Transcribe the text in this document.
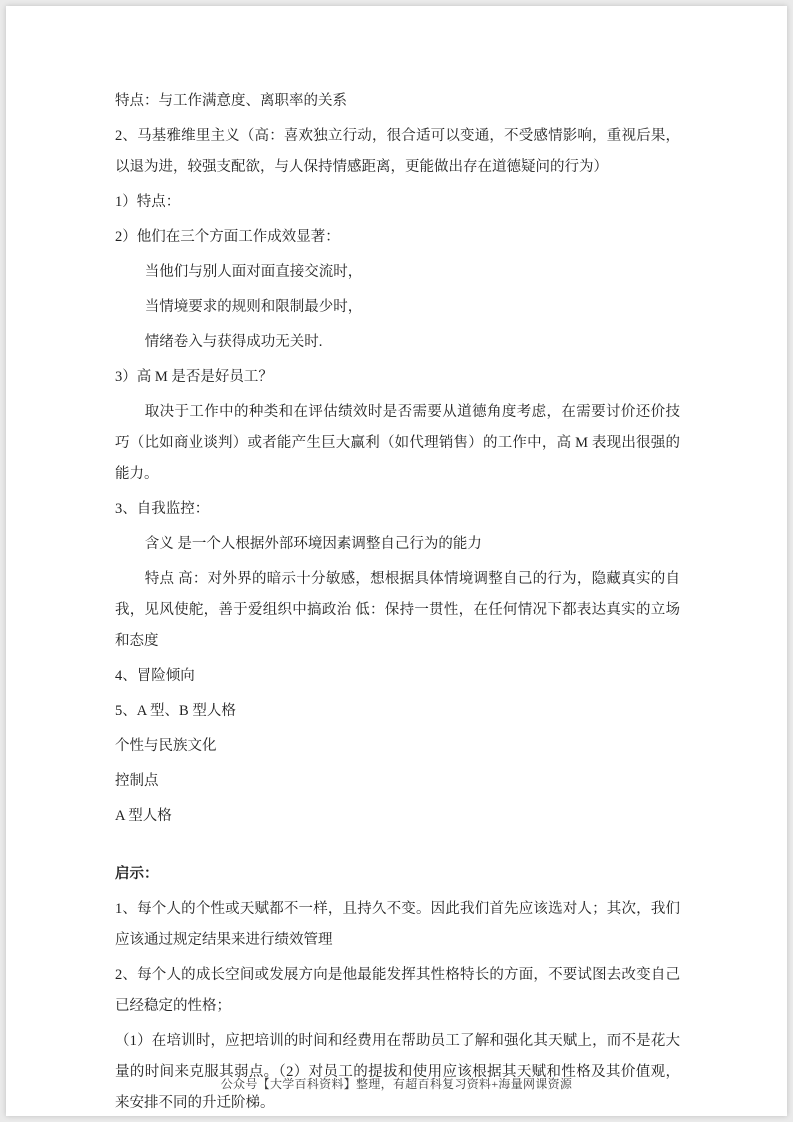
特点：与工作满意度、离职率的关系

2、马基雅维里主义（高：喜欢独立行动，很合适可以变通，不受感情影响，重视后果，以退为进，较强支配欲，与人保持情感距离，更能做出存在道德疑问的行为）

1）特点：

2）他们在三个方面工作成效显著：

当他们与别人面对面直接交流时，

当情境要求的规则和限制最少时，

情绪卷入与获得成功无关时.

3）高 M 是否是好员工？

取决于工作中的种类和在评估绩效时是否需要从道德角度考虑，在需要讨价还价技巧（比如商业谈判）或者能产生巨大赢利（如代理销售）的工作中，高 M 表现出很强的能力。

3、自我监控：

含义 是一个人根据外部环境因素调整自己行为的能力

特点 高：对外界的暗示十分敏感，想根据具体情境调整自己的行为，隐藏真实的自我，见风使舵，善于爱组织中搞政治 低：保持一贯性，在任何情况下都表达真实的立场和态度

4、冒险倾向

5、A 型、B 型人格

个性与民族文化

控制点

A 型人格

启示：

1、每个人的个性或天赋都不一样，且持久不变。因此我们首先应该选对人；其次，我们应该通过规定结果来进行绩效管理

2、每个人的成长空间或发展方向是他最能发挥其性格特长的方面，不要试图去改变自己已经稳定的性格；

（1）在培训时，应把培训的时间和经费用在帮助员工了解和强化其天赋上，而不是花大量的时间来克服其弱点。（2）对员工的提拔和使用应该根据其天赋和性格及其价值观，来安排不同的升迁阶梯。

公众号【大学百科资料】整理，有超百科复习资料+海量网课资源
